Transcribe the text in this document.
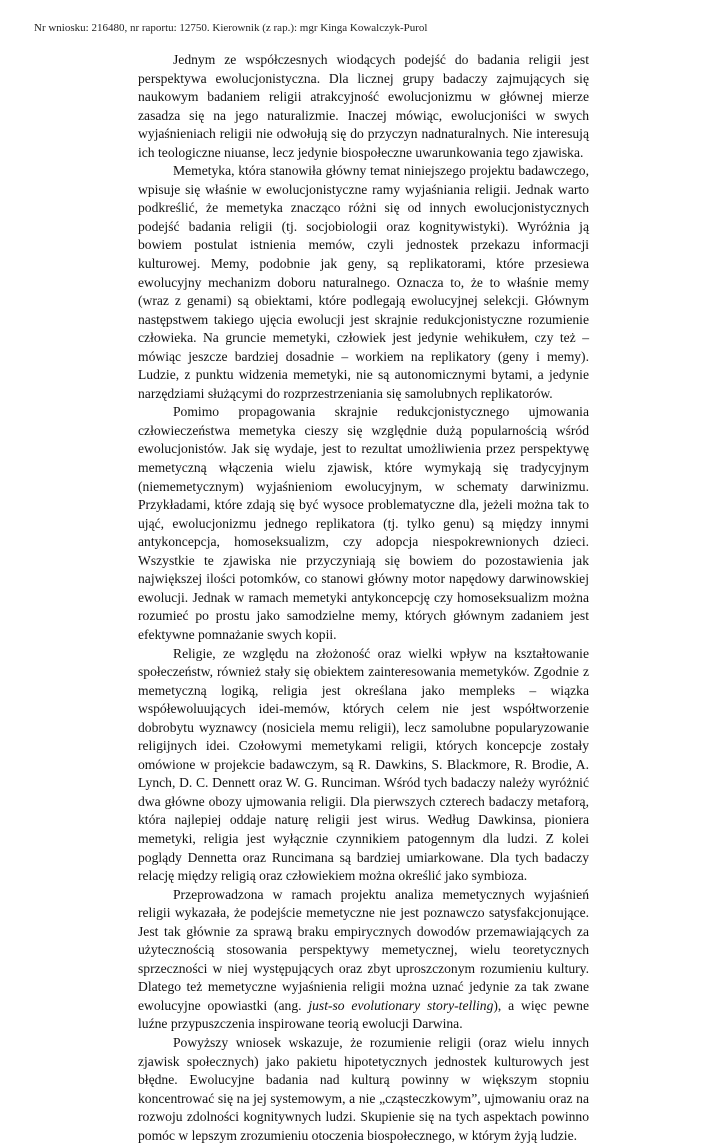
Nr wniosku: 216480, nr raportu: 12750. Kierownik (z rap.): mgr Kinga Kowalczyk-Purol

Jednym ze współczesnych wiodących podejść do badania religii jest perspektywa ewolucjonistyczna. Dla licznej grupy badaczy zajmujących się naukowym badaniem religii atrakcyjność ewolucjonizmu w głównej mierze zasadza się na jego naturalizmie. Inaczej mówiąc, ewolucjoniści w swych wyjaśnieniach religii nie odwołują się do przyczyn nadnaturalnych. Nie interesują ich teologiczne niuanse, lecz jedynie biospołeczne uwarunkowania tego zjawiska.

Memetyka, która stanowiła główny temat niniejszego projektu badawczego, wpisuje się właśnie w ewolucjonistyczne ramy wyjaśniania religii. Jednak warto podkreślić, że memetyka znacząco różni się od innych ewolucjonistycznych podejść badania religii (tj. socjobiologii oraz kognitywistyki). Wyróżnia ją bowiem postulat istnienia memów, czyli jednostek przekazu informacji kulturowej. Memy, podobnie jak geny, są replikatorami, które przesiewa ewolucyjny mechanizm doboru naturalnego. Oznacza to, że to właśnie memy (wraz z genami) są obiektami, które podlegają ewolucyjnej selekcji. Głównym następstwem takiego ujęcia ewolucji jest skrajnie redukcjonistyczne rozumienie człowieka. Na gruncie memetyki, człowiek jest jedynie wehikułem, czy też – mówiąc jeszcze bardziej dosadnie – workiem na replikatory (geny i memy). Ludzie, z punktu widzenia memetyki, nie są autonomicznymi bytami, a jedynie narzędziami służącymi do rozprzestrzeniania się samolubnych replikatorów.

Pomimo propagowania skrajnie redukcjonistycznego ujmowania człowieczeństwa memetyka cieszy się względnie dużą popularnością wśród ewolucjonistów. Jak się wydaje, jest to rezultat umożliwienia przez perspektywę memetyczną włączenia wielu zjawisk, które wymykają się tradycyjnym (niememetycznym) wyjaśnieniom ewolucyjnym, w schematy darwinizmu. Przykładami, które zdają się być wysoce problematyczne dla, jeżeli można tak to ująć, ewolucjonizmu jednego replikatora (tj. tylko genu) są między innymi antykoncepcja, homoseksualizm, czy adopcja niespokrewnionych dzieci. Wszystkie te zjawiska nie przyczyniają się bowiem do pozostawienia jak największej ilości potomków, co stanowi główny motor napędowy darwinowskiej ewolucji. Jednak w ramach memetyki antykoncepcję czy homoseksualizm można rozumieć po prostu jako samodzielne memy, których głównym zadaniem jest efektywne pomnażanie swych kopii.

Religie, ze względu na złożoność oraz wielki wpływ na kształtowanie społeczeństw, również stały się obiektem zainteresowania memetyków. Zgodnie z memetyczną logiką, religia jest określana jako mempleks – wiązka współewoluujących idei-memów, których celem nie jest współtworzenie dobrobytu wyznawcy (nosiciela memu religii), lecz samolubne popularyzowanie religijnych idei. Czołowymi memetykami religii, których koncepcje zostały omówione w projekcie badawczym, są R. Dawkins, S. Blackmore, R. Brodie, A. Lynch, D. C. Dennett oraz W. G. Runciman. Wśród tych badaczy należy wyróżnić dwa główne obozy ujmowania religii. Dla pierwszych czterech badaczy metaforą, która najlepiej oddaje naturę religii jest wirus. Według Dawkinsa, pioniera memetyki, religia jest wyłącznie czynnikiem patogennym dla ludzi. Z kolei poglądy Dennetta oraz Runcimana są bardziej umiarkowane. Dla tych badaczy relację między religią oraz człowiekiem można określić jako symbioza.

Przeprowadzona w ramach projektu analiza memetycznych wyjaśnień religii wykazała, że podejście memetyczne nie jest poznawczo satysfakcjonujące. Jest tak głównie za sprawą braku empirycznych dowodów przemawiających za użytecznością stosowania perspektywy memetycznej, wielu teoretycznych sprzeczności w niej występujących oraz zbyt uproszczonym rozumieniu kultury. Dlatego też memetyczne wyjaśnienia religii można uznać jedynie za tak zwane ewolucyjne opowiastki (ang. just-so evolutionary story-telling), a więc pewne luźne przypuszczenia inspirowane teorią ewolucji Darwina.

Powyższy wniosek wskazuje, że rozumienie religii (oraz wielu innych zjawisk społecznych) jako pakietu hipotetycznych jednostek kulturowych jest błędne. Ewolucyjne badania nad kulturą powinny w większym stopniu koncentrować się na jej systemowym, a nie „cząsteczkowym”, ujmowaniu oraz na rozwoju zdolności kognitywnych ludzi. Skupienie się na tych aspektach powinno pomóc w lepszym zrozumieniu otoczenia biospołecznego, w którym żyją ludzie.
